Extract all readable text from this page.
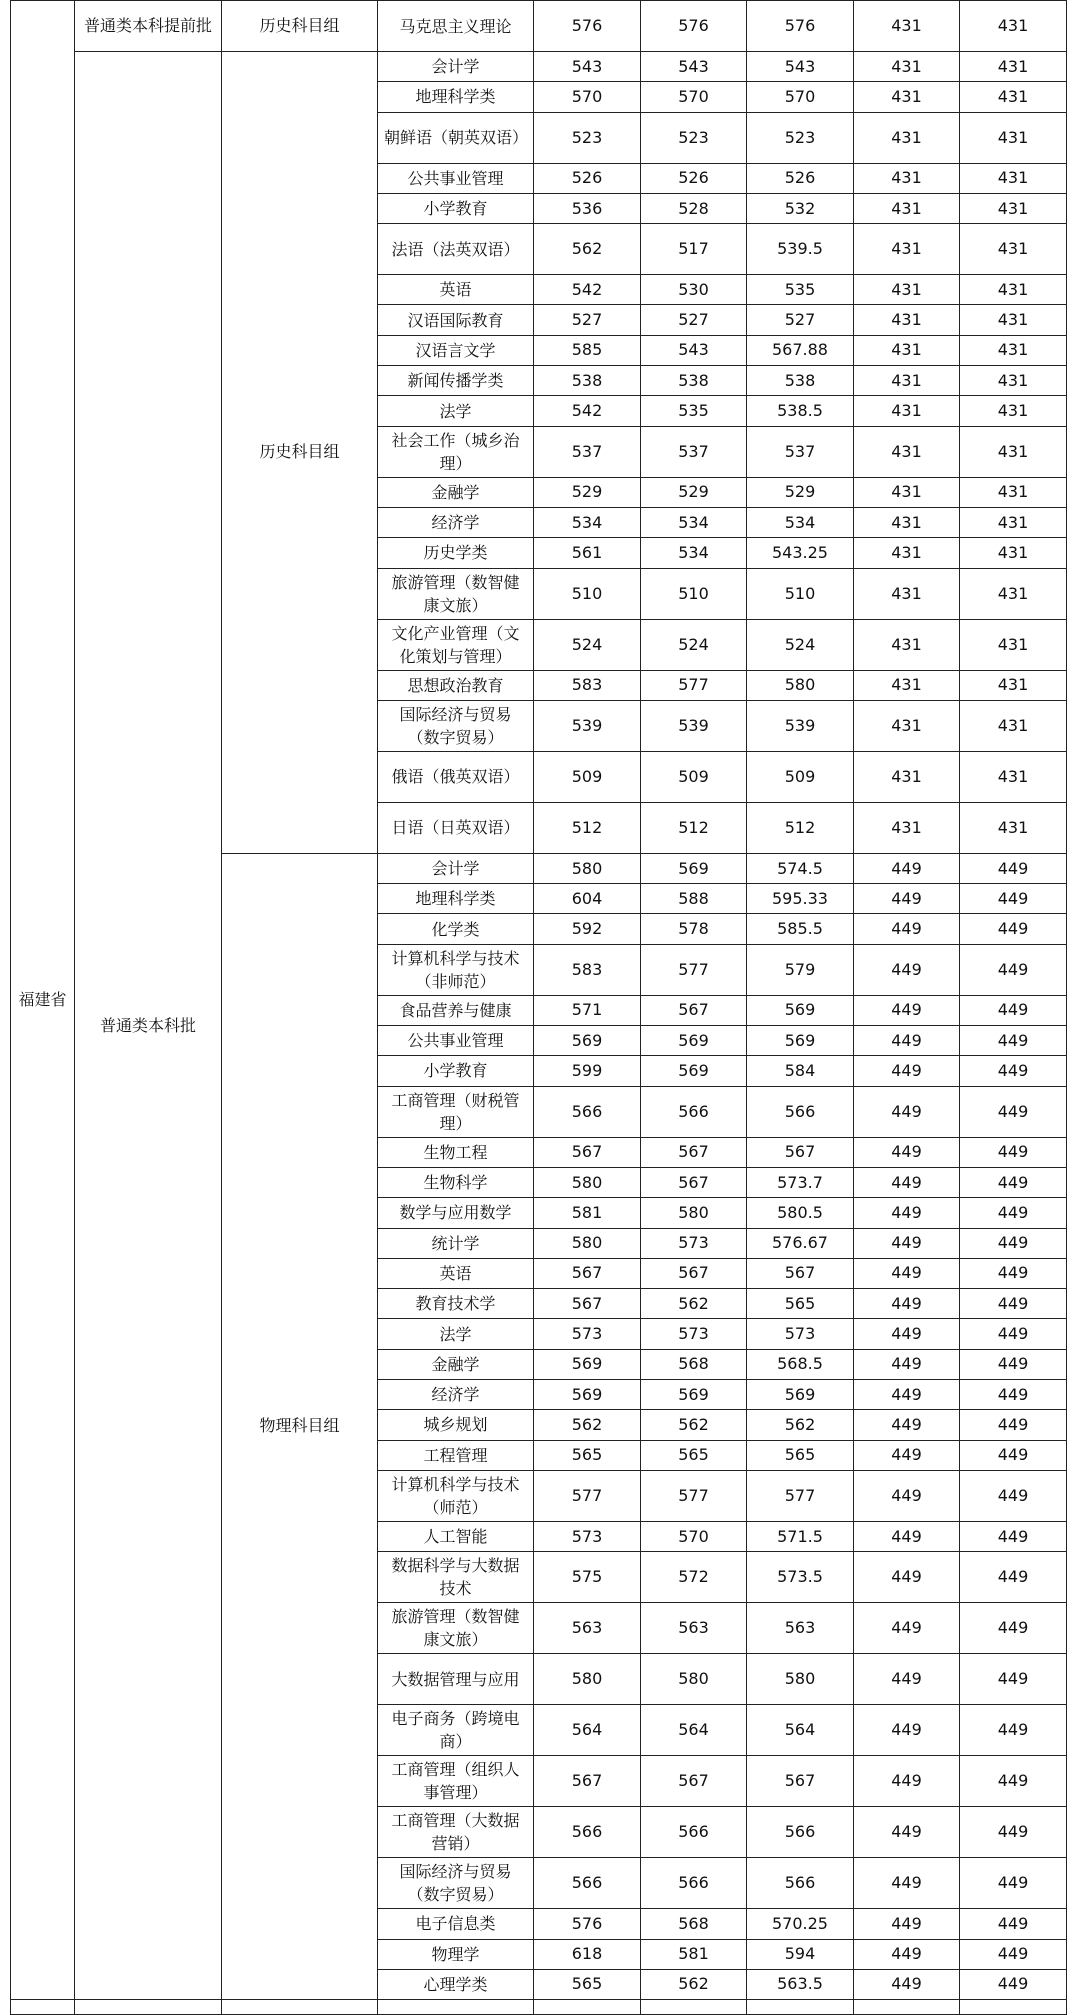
福建省	普通类本科提前批	历史科目组	马克思主义理论	576	576	576	431	431
	普通类本科批	历史科目组	会计学	543	543	543	431	431
			地理科学类	570	570	570	431	431
			朝鲜语（朝英双语）	523	523	523	431	431
			公共事业管理	526	526	526	431	431
			小学教育	536	528	532	431	431
			法语（法英双语）	562	517	539.5	431	431
			英语	542	530	535	431	431
			汉语国际教育	527	527	527	431	431
			汉语言文学	585	543	567.88	431	431
			新闻传播学类	538	538	538	431	431
			法学	542	535	538.5	431	431
			社会工作（城乡治理）	537	537	537	431	431
			金融学	529	529	529	431	431
			经济学	534	534	534	431	431
			历史学类	561	534	543.25	431	431
			旅游管理（数智健康文旅）	510	510	510	431	431
			文化产业管理（文化策划与管理）	524	524	524	431	431
			思想政治教育	583	577	580	431	431
			国际经济与贸易（数字贸易）	539	539	539	431	431
			俄语（俄英双语）	509	509	509	431	431
			日语（日英双语）	512	512	512	431	431
		物理科目组	会计学	580	569	574.5	449	449
			地理科学类	604	588	595.33	449	449
			化学类	592	578	585.5	449	449
			计算机科学与技术（非师范）	583	577	579	449	449
			食品营养与健康	571	567	569	449	449
			公共事业管理	569	569	569	449	449
			小学教育	599	569	584	449	449
			工商管理（财税管理）	566	566	566	449	449
			生物工程	567	567	567	449	449
			生物科学	580	567	573.7	449	449
			数学与应用数学	581	580	580.5	449	449
			统计学	580	573	576.67	449	449
			英语	567	567	567	449	449
			教育技术学	567	562	565	449	449
			法学	573	573	573	449	449
			金融学	569	568	568.5	449	449
			经济学	569	569	569	449	449
			城乡规划	562	562	562	449	449
			工程管理	565	565	565	449	449
			计算机科学与技术（师范）	577	577	577	449	449
			人工智能	573	570	571.5	449	449
			数据科学与大数据技术	575	572	573.5	449	449
			旅游管理（数智健康文旅）	563	563	563	449	449
			大数据管理与应用	580	580	580	449	449
			电子商务（跨境电商）	564	564	564	449	449
			工商管理（组织人事管理）	567	567	567	449	449
			工商管理（大数据营销）	566	566	566	449	449
			国际经济与贸易（数字贸易）	566	566	566	449	449
			电子信息类	576	568	570.25	449	449
			物理学	618	581	594	449	449
			心理学类	565	562	563.5	449	449
